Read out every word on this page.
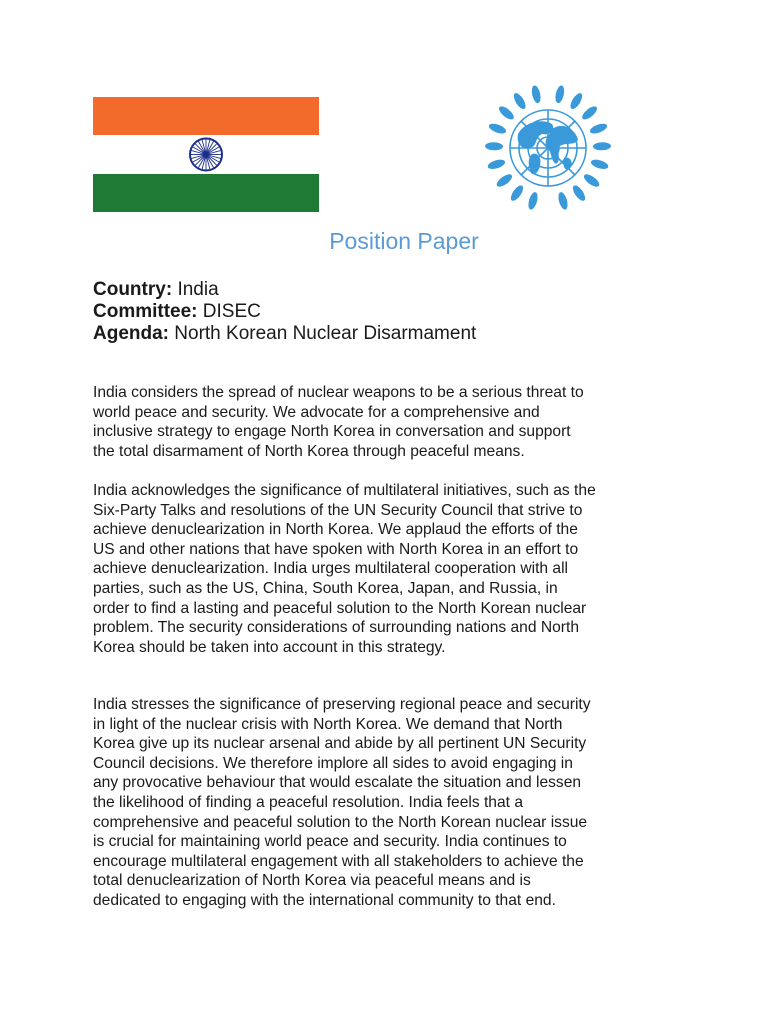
Position Paper
Country: India
Committee: DISEC
Agenda: North Korean Nuclear Disarmament

India considers the spread of nuclear weapons to be a serious threat to
world peace and security. We advocate for a comprehensive and
inclusive strategy to engage North Korea in conversation and support
the total disarmament of North Korea through peaceful means.

India acknowledges the significance of multilateral initiatives, such as the
Six-Party Talks and resolutions of the UN Security Council that strive to
achieve denuclearization in North Korea. We applaud the efforts of the
US and other nations that have spoken with North Korea in an effort to
achieve denuclearization. India urges multilateral cooperation with all
parties, such as the US, China, South Korea, Japan, and Russia, in
order to find a lasting and peaceful solution to the North Korean nuclear
problem. The security considerations of surrounding nations and North
Korea should be taken into account in this strategy.

India stresses the significance of preserving regional peace and security
in light of the nuclear crisis with North Korea. We demand that North
Korea give up its nuclear arsenal and abide by all pertinent UN Security
Council decisions. We therefore implore all sides to avoid engaging in
any provocative behaviour that would escalate the situation and lessen
the likelihood of finding a peaceful resolution. India feels that a
comprehensive and peaceful solution to the North Korean nuclear issue
is crucial for maintaining world peace and security. India continues to
encourage multilateral engagement with all stakeholders to achieve the
total denuclearization of North Korea via peaceful means and is
dedicated to engaging with the international community to that end.
